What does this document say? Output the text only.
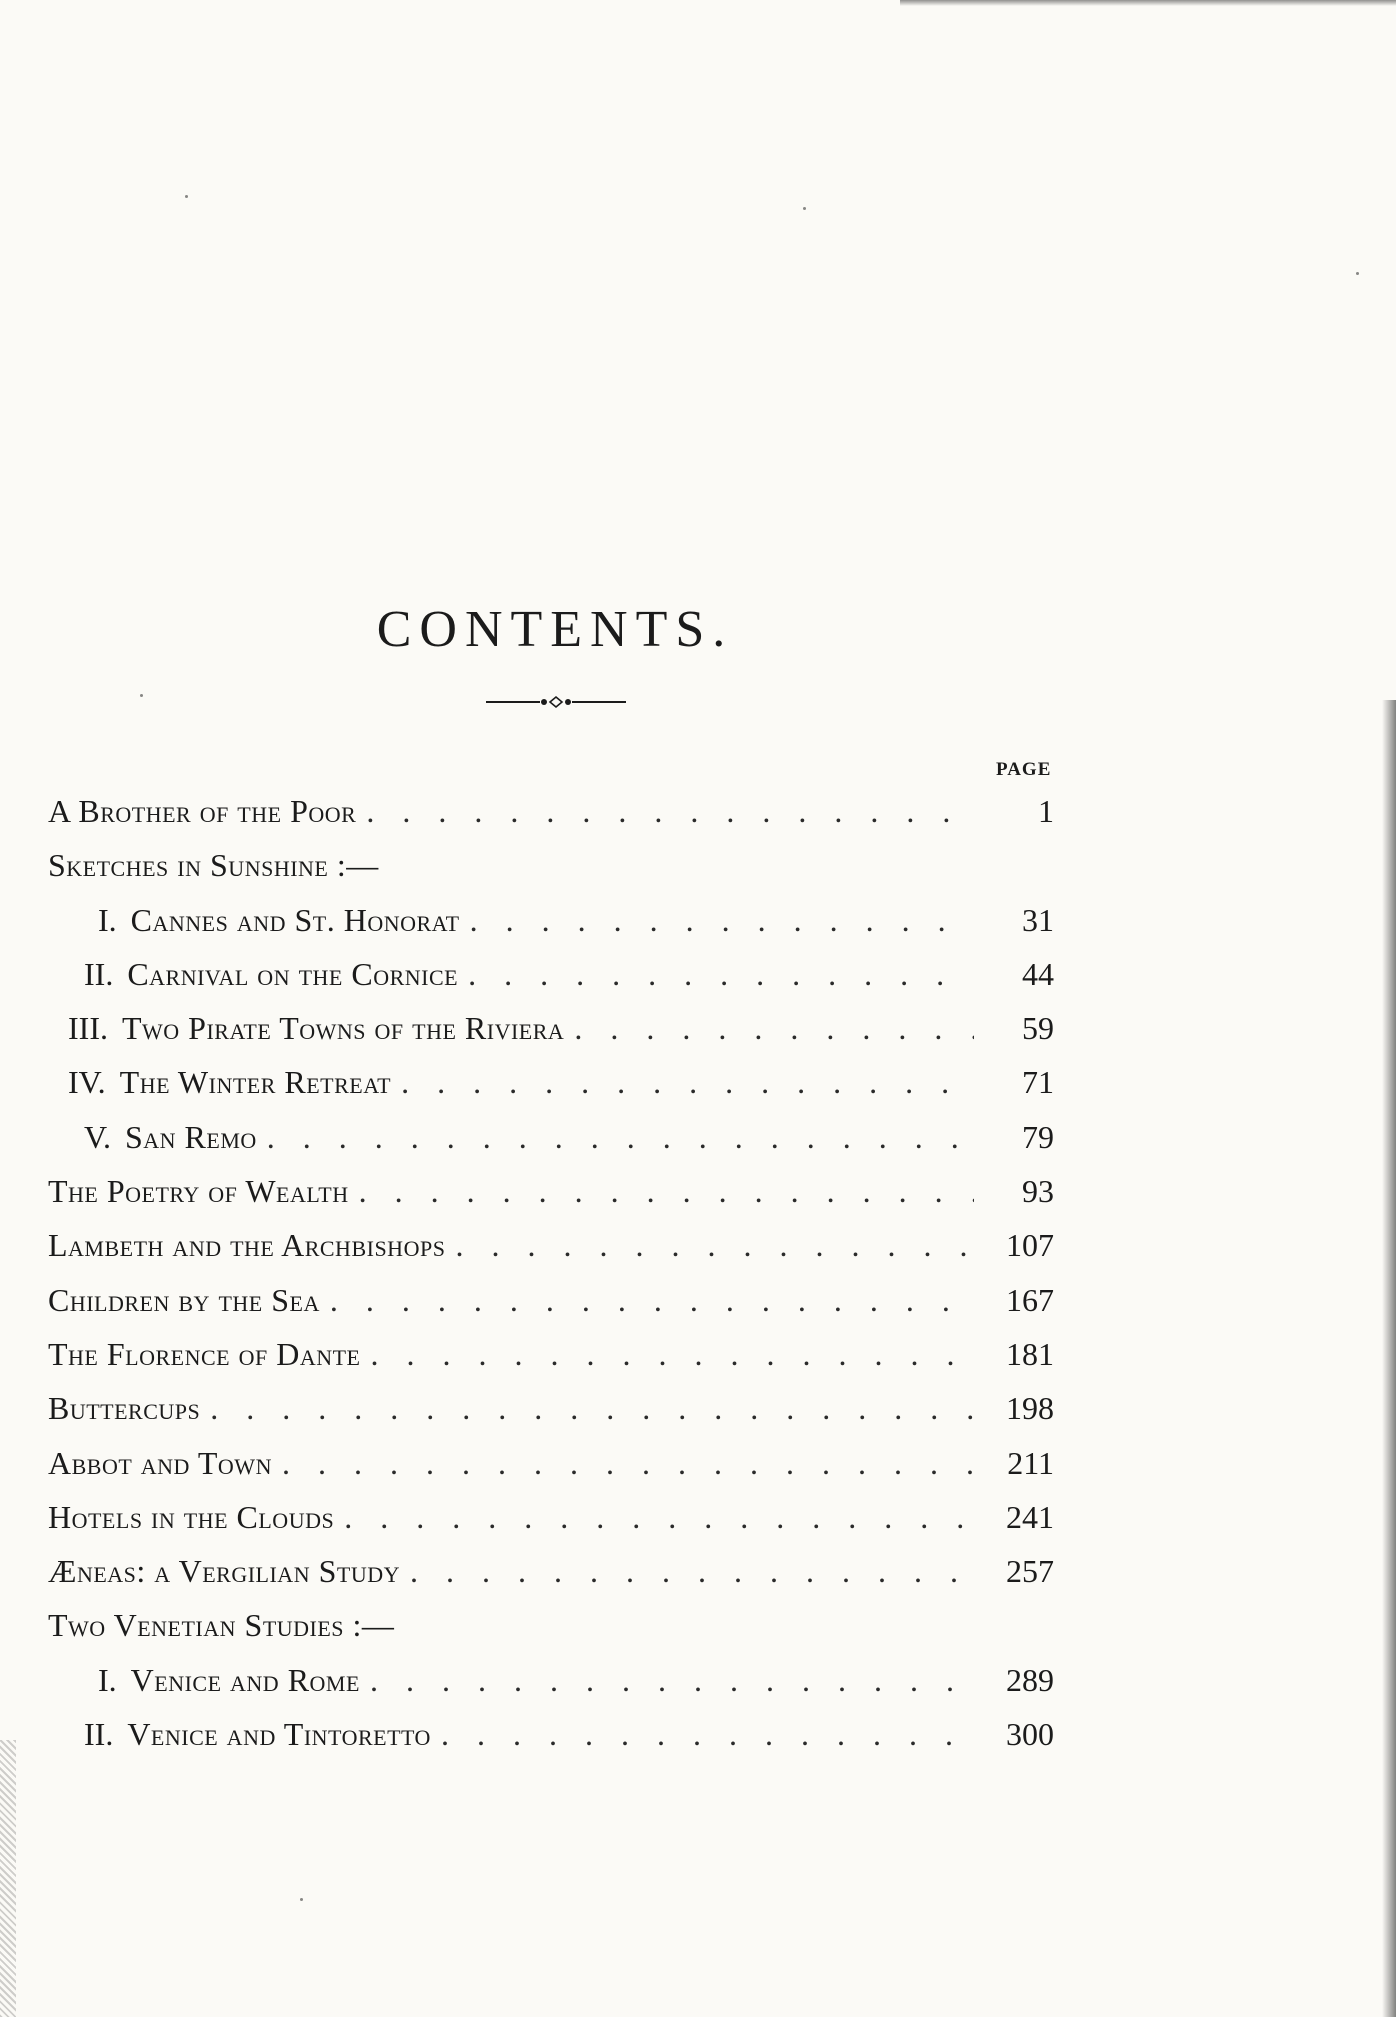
CONTENTS.
PAGE
A Brother of the Poor . . .	1
Sketches in Sunshine :—
I. Cannes and St. Honorat . . .	31
II. Carnival on the Cornice . . .	44
III. Two Pirate Towns of the Riviera . . .	59
IV. The Winter Retreat . . .	71
V. San Remo . . .	79
The Poetry of Wealth . . .	93
Lambeth and the Archbishops . . .	107
Children by the Sea . . .	167
The Florence of Dante . . .	181
Buttercups . . .	198
Abbot and Town . . .	211
Hotels in the Clouds . . .	241
Æneas: a Vergilian Study . . .	257
Two Venetian Studies :—
I. Venice and Rome . . .	289
II. Venice and Tintoretto . . .	300
